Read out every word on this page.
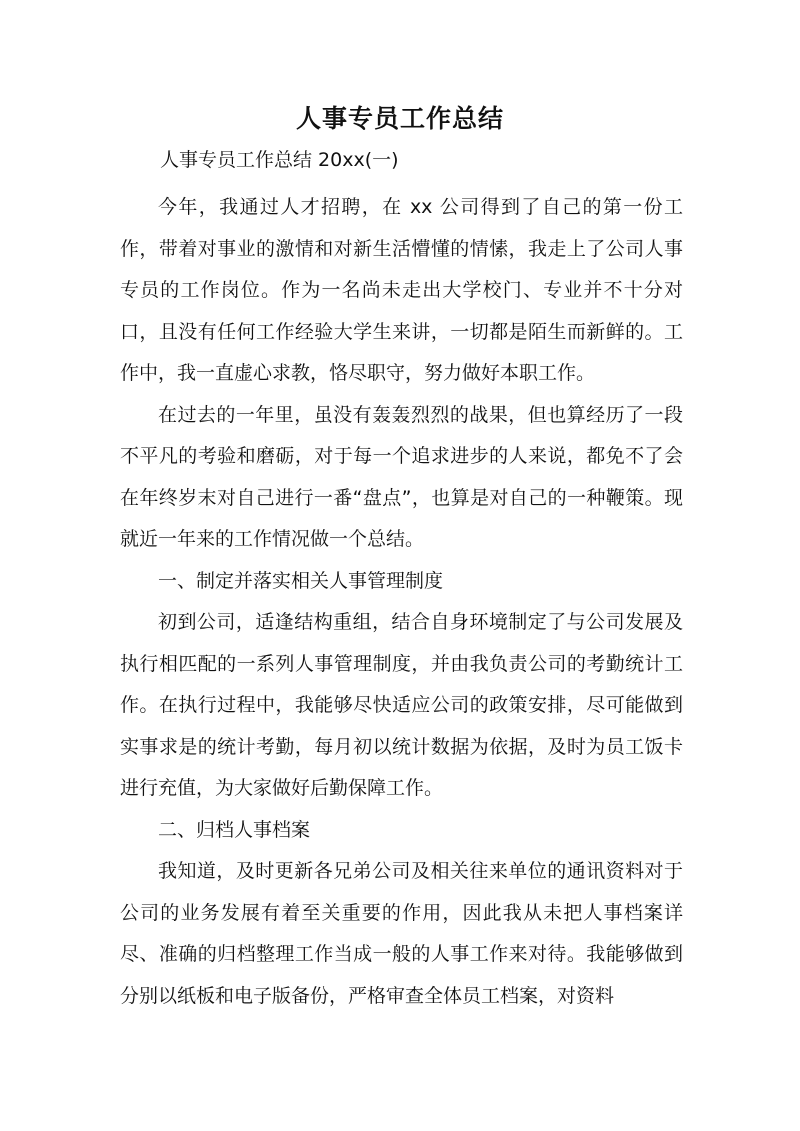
人事专员工作总结
人事专员工作总结 20xx(一)

今年，我通过人才招聘，在 xx 公司得到了自己的第一份工作，带着对事业的激情和对新生活懵懂的情愫，我走上了公司人事专员的工作岗位。作为一名尚未走出大学校门、专业并不十分对口，且没有任何工作经验大学生来讲，一切都是陌生而新鲜的。工作中，我一直虚心求教，恪尽职守，努力做好本职工作。

在过去的一年里，虽没有轰轰烈烈的战果，但也算经历了一段不平凡的考验和磨砺，对于每一个追求进步的人来说，都免不了会在年终岁末对自己进行一番“盘点”，也算是对自己的一种鞭策。现就近一年来的工作情况做一个总结。

一、制定并落实相关人事管理制度

初到公司，适逢结构重组，结合自身环境制定了与公司发展及执行相匹配的一系列人事管理制度，并由我负责公司的考勤统计工作。在执行过程中，我能够尽快适应公司的政策安排，尽可能做到实事求是的统计考勤，每月初以统计数据为依据，及时为员工饭卡进行充值，为大家做好后勤保障工作。

二、归档人事档案

我知道，及时更新各兄弟公司及相关往来单位的通讯资料对于公司的业务发展有着至关重要的作用，因此我从未把人事档案详尽、准确的归档整理工作当成一般的人事工作来对待。我能够做到分别以纸板和电子版备份，严格审查全体员工档案，对资料
